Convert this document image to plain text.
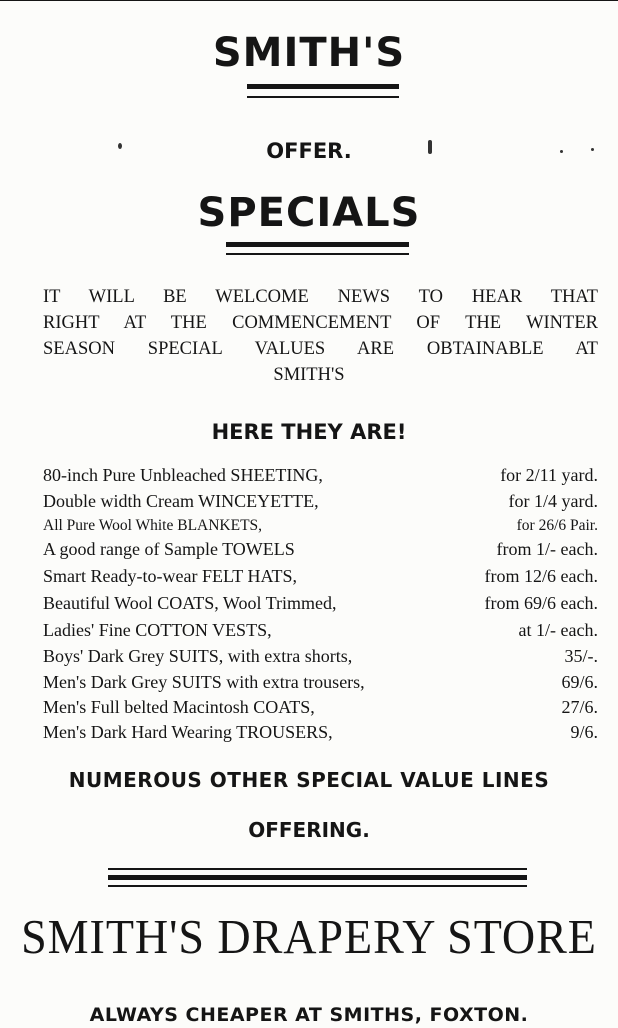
SMITH'S
OFFER.
SPECIALS
IT WILL BE WELCOME NEWS TO HEAR THAT
RIGHT AT THE COMMENCEMENT OF THE WINTER
SEASON SPECIAL VALUES ARE OBTAINABLE AT
SMITH'S
HERE THEY ARE!
80-inch Pure Unbleached SHEETING,	for 2/11 yard.
Double width Cream WINCEYETTE,	for 1/4 yard.
All Pure Wool White BLANKETS,	for 26/6 Pair.
A good range of Sample TOWELS	from 1/- each.
Smart Ready-to-wear FELT HATS,	from 12/6 each.
Beautiful Wool COATS, Wool Trimmed,	from 69/6 each.
Ladies' Fine COTTON VESTS,	at 1/- each.
Boys' Dark Grey SUITS, with extra shorts,	35/-.
Men's Dark Grey SUITS with extra trousers,	69/6.
Men's Full belted Macintosh COATS,	27/6.
Men's Dark Hard Wearing TROUSERS,	9/6.
NUMEROUS OTHER SPECIAL VALUE LINES
OFFERING.
SMITH'S DRAPERY STORE
ALWAYS CHEAPER AT SMITHS, FOXTON.
